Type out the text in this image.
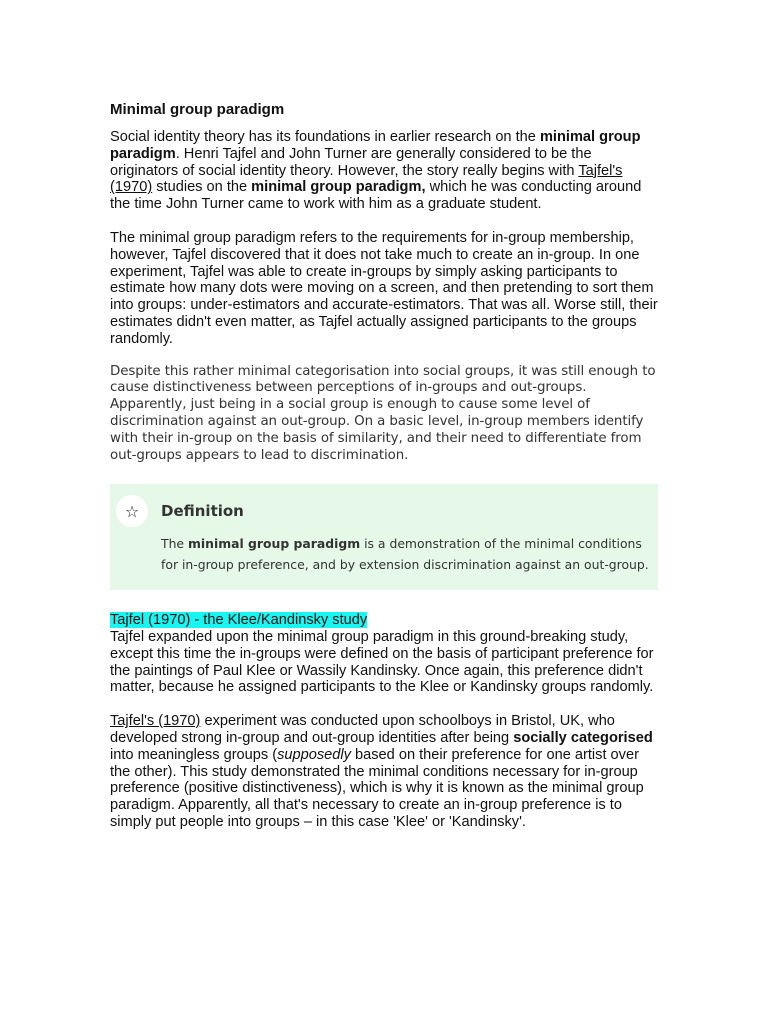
Minimal group paradigm

Social identity theory has its foundations in earlier research on the minimal group paradigm. Henri Tajfel and John Turner are generally considered to be the originators of social identity theory. However, the story really begins with Tajfel's (1970) studies on the minimal group paradigm, which he was conducting around the time John Turner came to work with him as a graduate student.

The minimal group paradigm refers to the requirements for in-group membership, however, Tajfel discovered that it does not take much to create an in-group. In one experiment, Tajfel was able to create in-groups by simply asking participants to estimate how many dots were moving on a screen, and then pretending to sort them into groups: under-estimators and accurate-estimators. That was all. Worse still, their estimates didn't even matter, as Tajfel actually assigned participants to the groups randomly.

Despite this rather minimal categorisation into social groups, it was still enough to cause distinctiveness between perceptions of in-groups and out-groups. Apparently, just being in a social group is enough to cause some level of discrimination against an out-group. On a basic level, in-group members identify with their in-group on the basis of similarity, and their need to differentiate from out-groups appears to lead to discrimination.

☆	Definition
The minimal group paradigm is a demonstration of the minimal conditions for in-group preference, and by extension discrimination against an out-group.
Tajfel (1970) - the Klee/Kandinsky study

Tajfel expanded upon the minimal group paradigm in this ground-breaking study, except this time the in-groups were defined on the basis of participant preference for the paintings of Paul Klee or Wassily Kandinsky. Once again, this preference didn't matter, because he assigned participants to the Klee or Kandinsky groups randomly.

Tajfel's (1970) experiment was conducted upon schoolboys in Bristol, UK, who developed strong in-group and out-group identities after being socially categorised into meaningless groups (supposedly based on their preference for one artist over the other). This study demonstrated the minimal conditions necessary for in-group preference (positive distinctiveness), which is why it is known as the minimal group paradigm. Apparently, all that's necessary to create an in-group preference is to simply put people into groups – in this case 'Klee' or 'Kandinsky'.
